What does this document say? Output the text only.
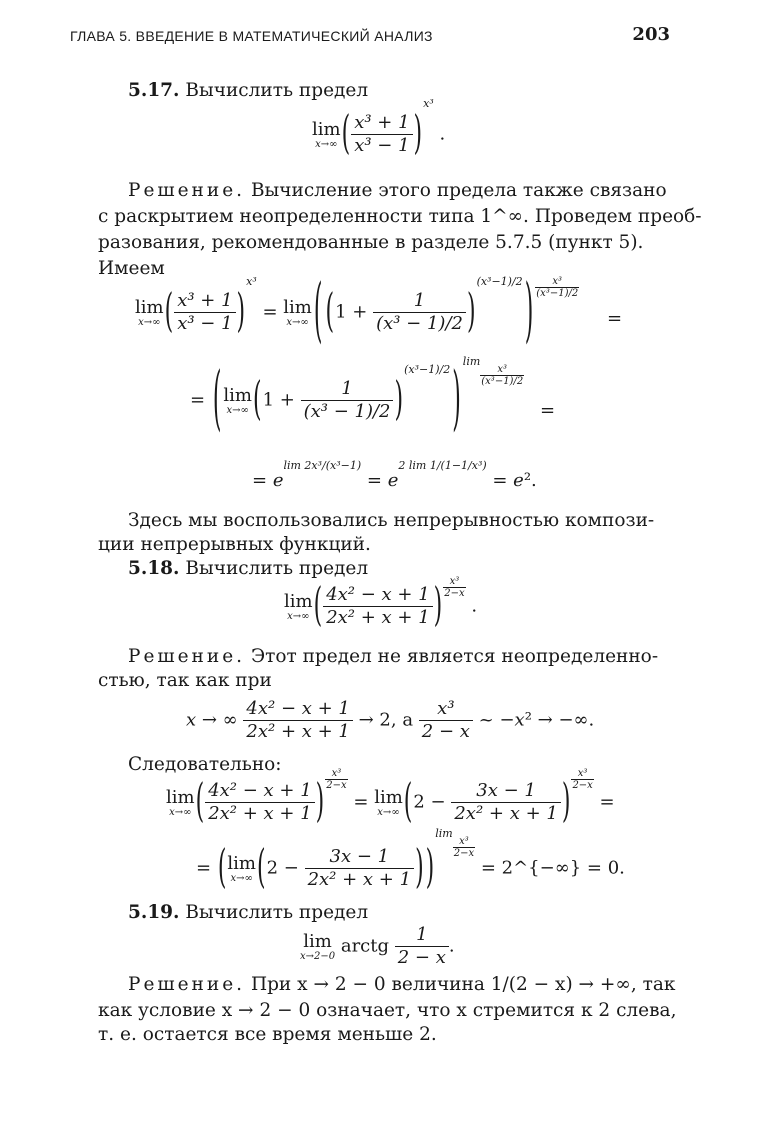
ГЛАВА 5. ВВЕДЕНИЕ В МАТЕМАТИЧЕСКИЙ АНАЛИЗ	203
5.17. Вычислить предел
lim
x→∞ ( $\frac{\text{x³ + 1}}{\text{x³ − 1}} )x^3$ .
Решение. Вычисление этого предела также связано
с раскрытием неопределенности типа 1^∞. Проведем преоб-
разования, рекомендованные в разделе 5.7.5 (пункт 5).
Имеем
lim
x→∞ ( $\frac{\text{x³ + 1}}{\text{x³ − 1}} )x^3 = \lim$
x→∞ ( $(1 + \frac{1}{\text{(x³ − 1)/2}} )(x^3-1)/2) \frac{\text{x³}}{\text{(x³−1)/2}}$
=
= ( lim
x→∞ $(1 + \frac{1}{\text{(x³ − 1)/2}} )(x^3-1)/2$) lim
$\frac{\text{x³}}{\text{(x³−1)/2}}$
=
= elim 2x³/(x³−1) = e2 lim 1/(1−1/x³) = e².
Здесь мы воспользовались непрерывностью компози-
ции непрерывных функций.
5.18. Вычислить предел
lim
x→∞ ( $\frac{\text{4x² − x + 1}}{\text{2x² + x + 1}}$ ) $\frac{\text{x³}}{2-x}$
.
Решение. Этот предел не является неопределенно-
стью, так как при
x → ∞ $\frac{\text{4x² − x + 1}}{\text{2x² + x + 1}} \to 2$, а $\frac{\text{x³}}{2 - x}$ ~ −x² → −∞.
Следовательно:
lim
x→∞ ( $\frac{\text{4x² − x + 1}}{\text{2x² + x + 1}}$ ) $\frac{\text{x³}}{2-x}$
= lim
x→∞ ($2 - \frac{3x - 1}{\text{2x² + x + 1}}$ ) $\frac{\text{x³}}{2-x}$
=
= ( lim
x→∞ $(2 - \frac{3x - 1}{\text{2x² + x + 1}} ))\lim$
$\frac{\text{x³}}{2-x}$
= 2^{−∞} = 0.
5.19. Вычислить предел
lim
x→2−0 arctg $\frac{1}{2 - x}$ .
Решение. При x → 2 − 0 величина 1/(2 − x) → +∞, так
как условие x → 2 − 0 означает, что x стремится к 2 слева,
т. е. остается все время меньше 2.
